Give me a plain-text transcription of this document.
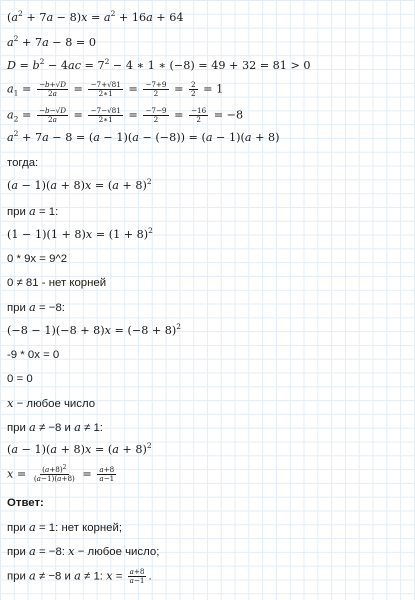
$(a^2 + 7a - 8)x = a^2 + 16a + 64$
$a^2 + 7a - 8 = 0$
$D = b^2 - 4ac = 7^2 - 4$ ∗ 1 ∗ (−8) = 49 + 32 = 81 > 0
$a_1 = \frac{-b+√D}{2a} = \frac{-7+√81}{2∗1} = \frac{-7+9}{2} = \frac{2}{2} = 1$
$a_2 = \frac{-b-√D}{2a} = \frac{-7-√81}{2∗1} = \frac{-7-9}{2} = \frac{-16}{2} = -8$
$a^2 + 7a - 8 = (a - 1)(a - (-8)) = (a - 1)(a + 8)$
тогда:
$(a - 1)(a + 8)x = (a + 8)^2$
при a = 1:
$(1 - 1)(1 + 8)x = (1 + 8)^2$
0 * 9x = 9^2
0 ≠ 81 - нет корней
при a = −8:
$(-8 - 1)(-8 + 8)x = (-8 + 8)^2$
-9 * 0x = 0
0 = 0
x − любое число
при a ≠ −8 и a ≠ 1:
$(a - 1)(a + 8)x = (a + 8)^2$
$x = \frac{(a+8)^2}{(a-1)(a+8)} = \frac{a+8}{a-1}$
Ответ:
при a = 1: нет корней;
при a = −8: x − любое число;
при a ≠ −8 и a ≠ 1: $x = \frac{a+8}{a-1}$ .
